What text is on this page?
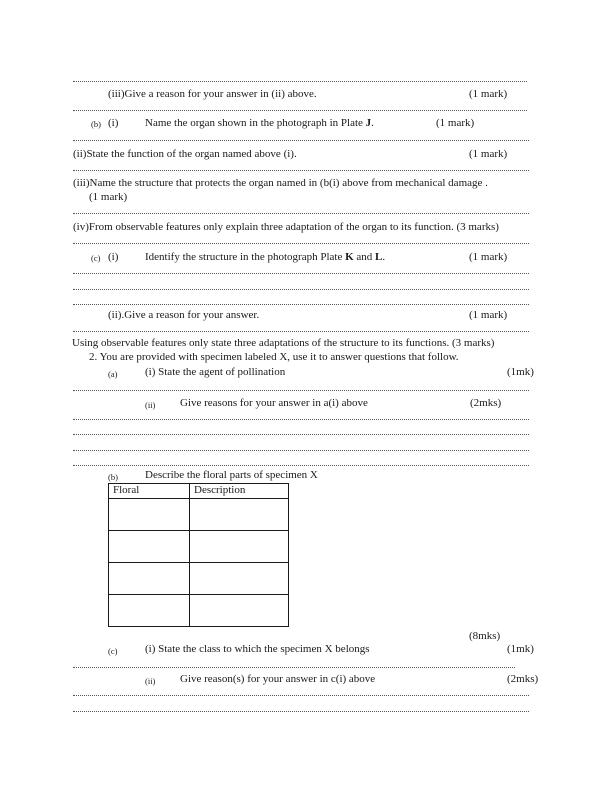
(iii)Give a reason for your answer in (ii) above.	(1 mark)
(b) (i) Name the organ shown in the photograph in Plate J.	(1 mark)
(ii)State the function of the organ named above (i).	(1 mark)
(iii)Name the structure that protects the organ named in (b(i) above from mechanical damage .
(1 mark)
(iv)From observable features only explain three adaptation of the organ to its function. (3 marks)
(c) (i) Identify the structure in the photograph Plate K and L.	(1 mark)
(ii).Give a reason for your answer.	(1 mark)
Using observable features only state three adaptations of the structure to its functions. (3 marks)
2. You are provided with specimen labeled X, use it to answer questions that follow.
(a)	(i) State the agent of pollination	(1mk)
(ii) Give reasons for your answer in a(i) above	(2mks)
(b) Describe the floral parts of specimen X
Floral	Description

(8mks)
(c)	(i) State the class to which the specimen X belongs	(1mk)
(ii) Give reason(s) for your answer in c(i) above	(2mks)
